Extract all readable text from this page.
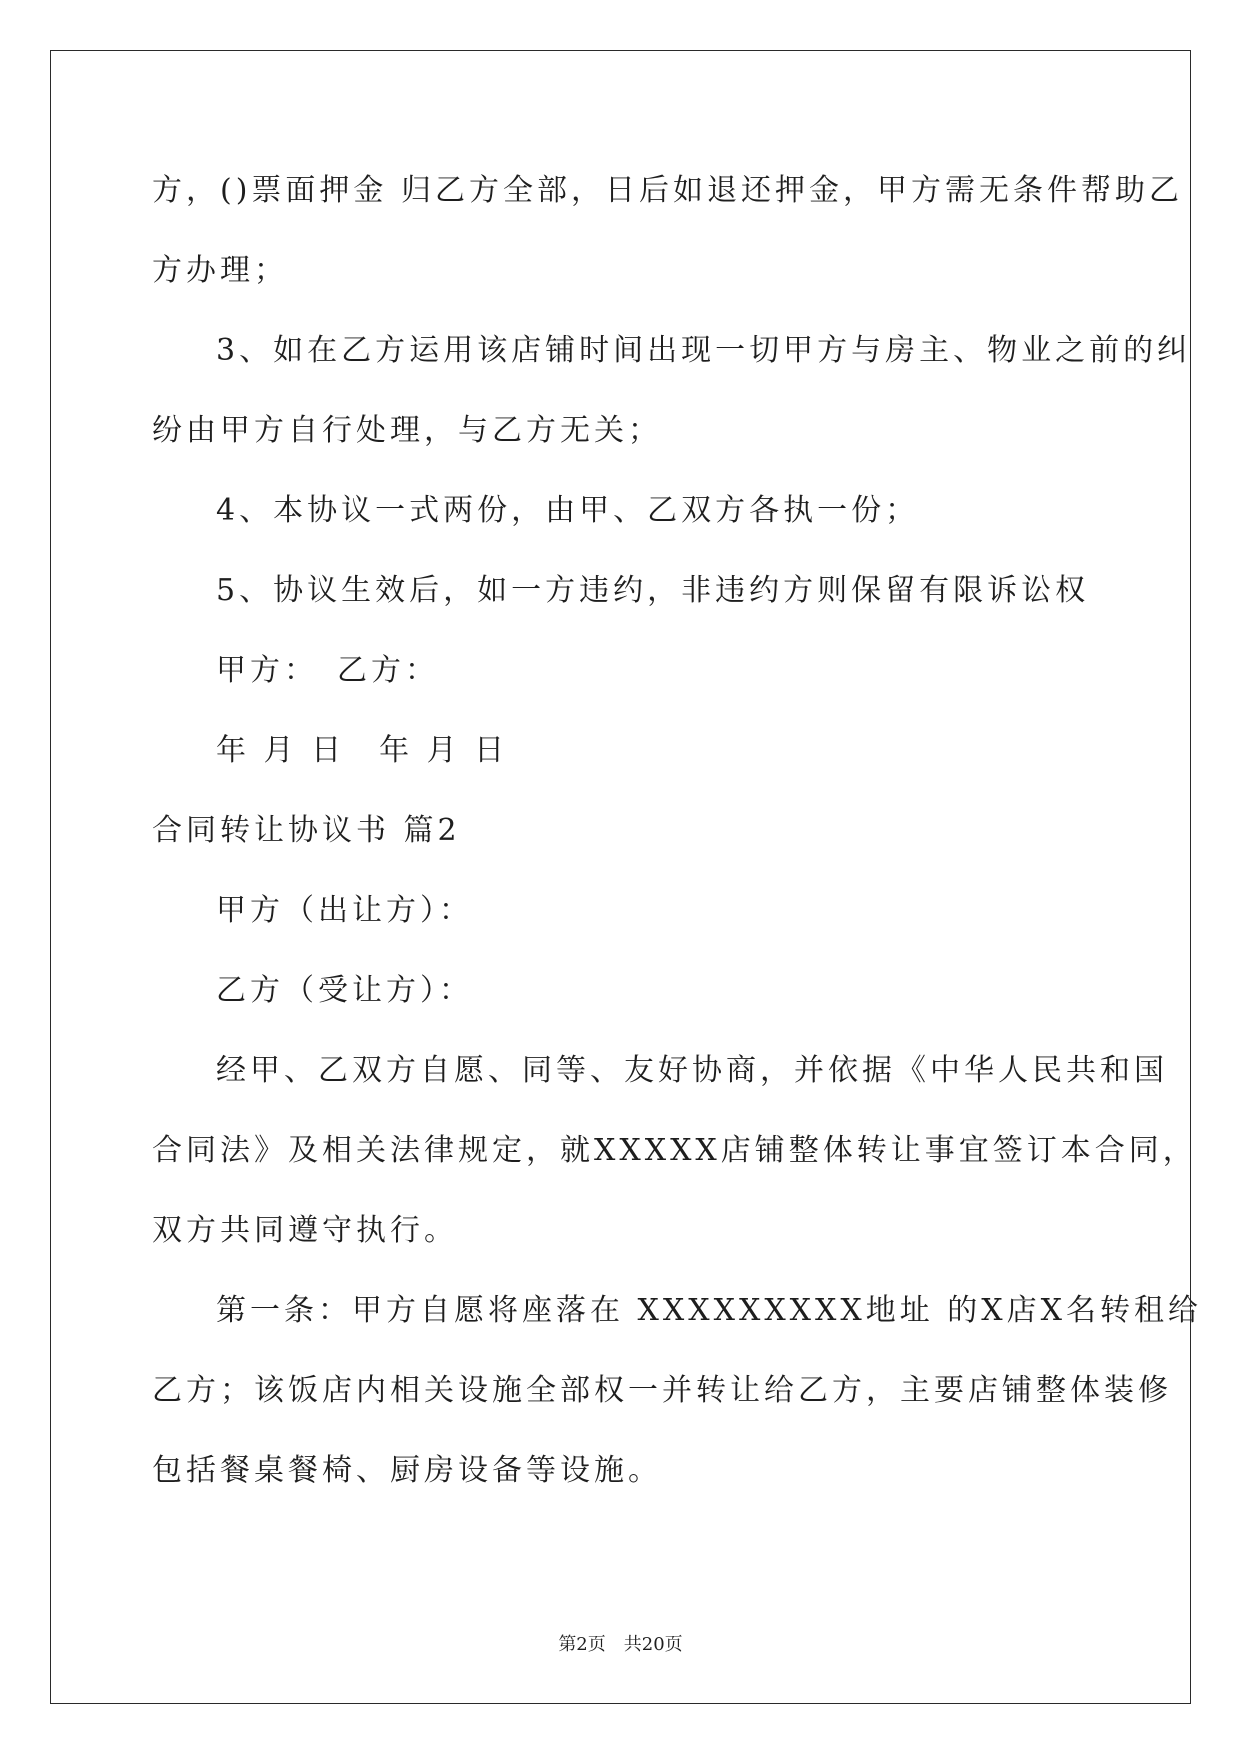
方，()票面押金 归乙方全部，日后如退还押金，甲方需无条件帮助乙
方办理；
3、如在乙方运用该店铺时间出现一切甲方与房主、物业之前的纠
纷由甲方自行处理，与乙方无关；
4、本协议一式两份，由甲、乙双方各执一份；
5、协议生效后，如一方违约，非违约方则保留有限诉讼权
甲方：　乙方：
年 月 日　年 月 日
合同转让协议书 篇2
甲方（出让方）：
乙方（受让方）：
经甲、乙双方自愿、同等、友好协商，并依据《中华人民共和国
合同法》及相关法律规定，就XXXXX店铺整体转让事宜签订本合同，
双方共同遵守执行。
第一条：甲方自愿将座落在 XXXXXXXXX地址 的X店X名转租给
乙方；该饭店内相关设施全部权一并转让给乙方，主要店铺整体装修
包括餐桌餐椅、厨房设备等设施。
第2页　共20页
